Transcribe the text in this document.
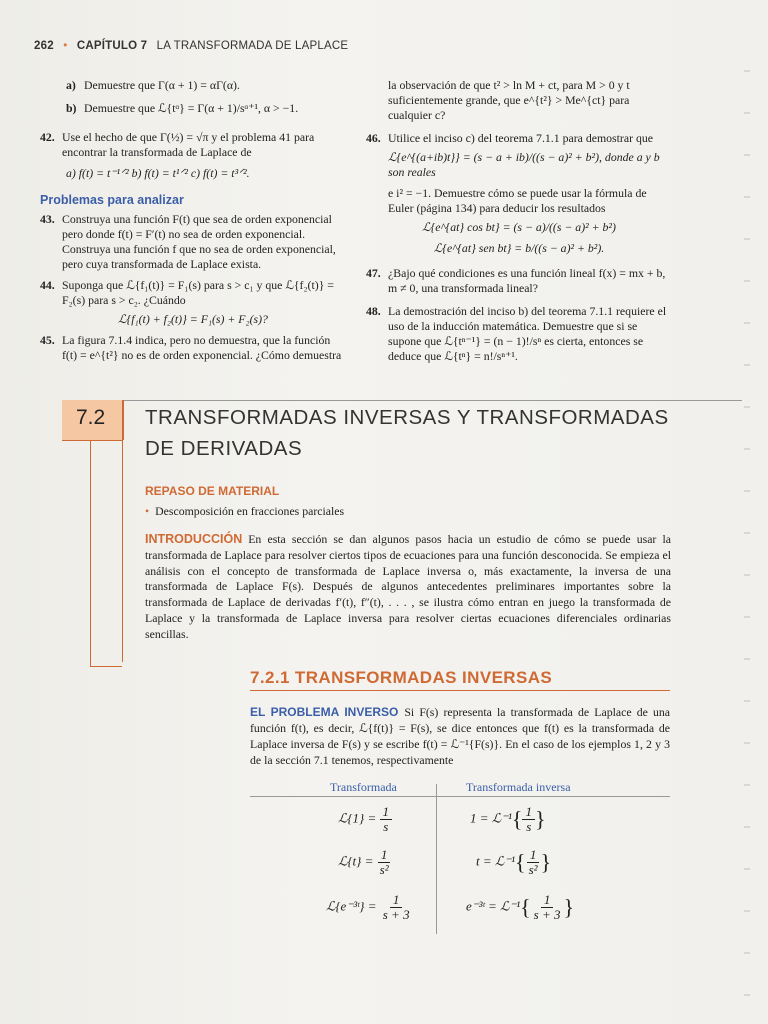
262 • CAPÍTULO 7 LA TRANSFORMADA DE LAPLACE
a) Demuestre que Γ(α + 1) = αΓ(α).
b) Demuestre que ℒ{tᵅ} = Γ(α + 1)/sᵅ⁺¹, α > −1.
42. Use el hecho de que Γ(½) = √π y el problema 41 para encontrar la transformada de Laplace de
a) f(t) = t⁻¹ᐟ² b) f(t) = t¹ᐟ² c) f(t) = t³ᐟ².
Problemas para analizar
43. Construya una función F(t) que sea de orden exponencial pero donde f(t) = F′(t) no sea de orden exponencial. Construya una función f que no sea de orden exponencial, pero cuya transformada de Laplace exista.
44. Suponga que ℒ{f₁(t)} = F₁(s) para s > c₁ y que ℒ{f₂(t)} = F₂(s) para s > c₂. ¿Cuándo
ℒ{f₁(t) + f₂(t)} = F₁(s) + F₂(s)?
45. La figura 7.1.4 indica, pero no demuestra, que la función f(t) = e^{t²} no es de orden exponencial. ¿Cómo demuestra

la observación de que t² > ln M + ct, para M > 0 y t suficientemente grande, que e^{t²} > Me^{ct} para cualquier c?

46. Utilice el inciso c) del teorema 7.1.1 para demostrar que
ℒ{e^{(a+ib)t}} = (s − a + ib)/((s − a)² + b²), donde a y b son reales

e i² = −1. Demuestre cómo se puede usar la fórmula de Euler (página 134) para deducir los resultados

ℒ{e^{at} cos bt} = (s − a)/((s − a)² + b²)
ℒ{e^{at} sen bt} = b/((s − a)² + b²).
47. ¿Bajo qué condiciones es una función lineal f(x) = mx + b, m ≠ 0, una transformada lineal?
48. La demostración del inciso b) del teorema 7.1.1 requiere el uso de la inducción matemática. Demuestre que si se supone que ℒ{tⁿ⁻¹} = (n − 1)!/sⁿ es cierta, entonces se deduce que ℒ{tⁿ} = n!/sⁿ⁺¹.
7.2 TRANSFORMADAS INVERSAS Y TRANSFORMADAS
DE DERIVADAS
REPASO DE MATERIAL
• Descomposición en fracciones parciales
INTRODUCCIÓN En esta sección se dan algunos pasos hacia un estudio de cómo se puede usar la transformada de Laplace para resolver ciertos tipos de ecuaciones para una función desconocida. Se empieza el análisis con el concepto de transformada de Laplace inversa o, más exactamente, la inversa de una transformada de Laplace F(s). Después de algunos antecedentes preliminares importantes sobre la transformada de Laplace de derivadas f′(t), f″(t), . . . , se ilustra cómo entran en juego la transformada de Laplace y la transformada de Laplace inversa para resolver ciertas ecuaciones diferenciales ordinarias sencillas.
7.2.1 TRANSFORMADAS INVERSAS
EL PROBLEMA INVERSO Si F(s) representa la transformada de Laplace de una función f(t), es decir, ℒ{f(t)} = F(s), se dice entonces que f(t) es la transformada de Laplace inversa de F(s) y se escribe f(t) = ℒ⁻¹{F(s)}. En el caso de los ejemplos 1, 2 y 3 de la sección 7.1 tenemos, respectivamente
Transformada	Transformada inversa
ℒ{1} = $\frac{1}{s}$	1 = ℒ⁻¹{ $\frac{1}{s}$ }
ℒ{t} = $\frac{1}{\text{s²}}$	t = ℒ⁻¹{ $\frac{1}{\text{s²}}$ }
ℒ{e⁻³ᵗ} = $\frac{1}{s + 3}$	e⁻³ᵗ = ℒ⁻¹{ $\frac{1}{s + 3}$ }
